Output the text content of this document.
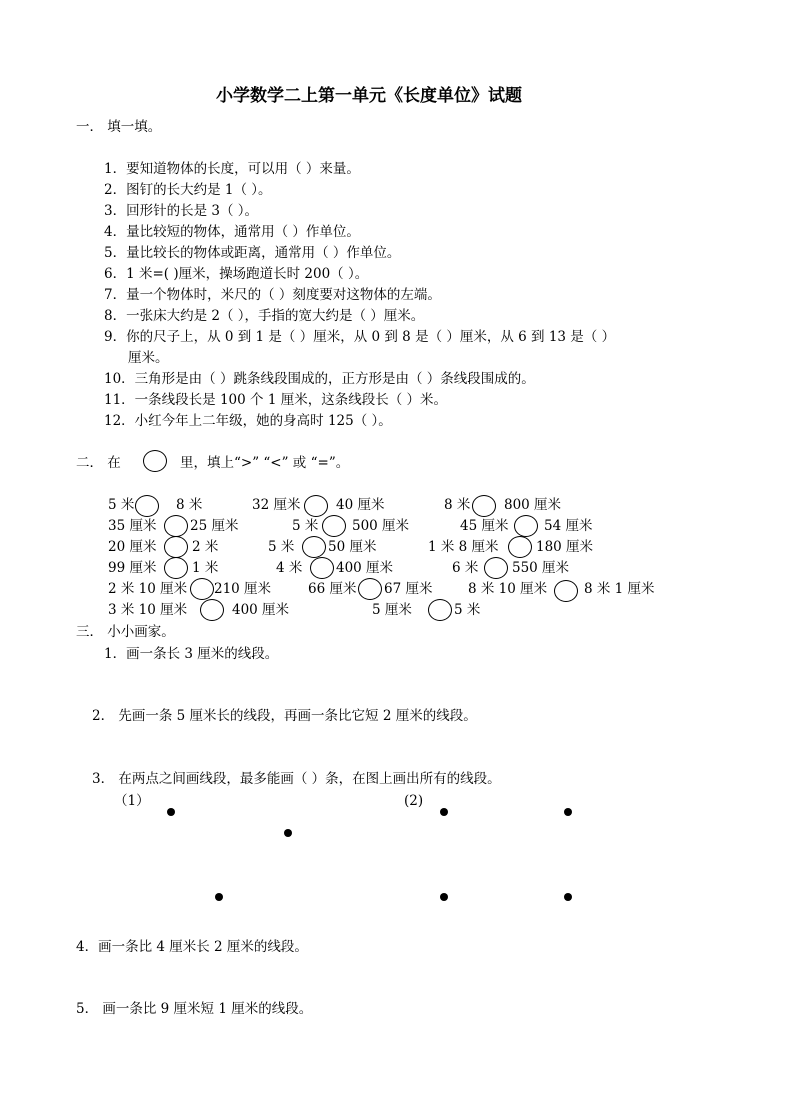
小学数学二上第一单元《长度单位》试题
一． 填一填。
1．要知道物体的长度，可以用（ ）来量。
2．图钉的长大约是 1（ ）。
3．回形针的长是 3（ ）。
4．量比较短的物体，通常用（ ）作单位。
5．量比较长的物体或距离，通常用（ ）作单位。
6．1 米=( )厘米，操场跑道长时 200（ ）。
7．量一个物体时，米尺的（ ）刻度要对这物体的左端。
8．一张床大约是 2（ ），手指的宽大约是（ ）厘米。
9．你的尺子上，从 0 到 1 是（ ）厘米，从 0 到 8 是（ ）厘米，从 6 到 13 是（ ）
厘米。
10．三角形是由（ ）跳条线段围成的，正方形是由（ ）条线段围成的。
11．一条线段长是 100 个 1 厘米，这条线段长（ ）米。
12．小红今年上二年级，她的身高时 125（ ）。
二． 在	里，填上“>” “<” 或 “=”。
5 米	8 米	32 厘米	40 厘米	8 米 800 厘米
35 厘米 25 厘米	5 米 500 厘米	45 厘米	54 厘米
20 厘米	2 米	5 米 50 厘米	1 米 8 厘米	180 厘米
99 厘米	1 米	4 米 400 厘米	6 米 550 厘米
2 米 10 厘米 210 厘米	66 厘米 67 厘米	8 米 10 厘米	8 米 1 厘米
3 米 10 厘米	400 厘米	5 厘米	5 米
三． 小小画家。
1．画一条长 3 厘米的线段。
2． 先画一条 5 厘米长的线段，再画一条比它短 2 厘米的线段。
3． 在两点之间画线段，最多能画（ ）条，在图上画出所有的线段。
（1）	(2)
4．画一条比 4 厘米长 2 厘米的线段。
5． 画一条比 9 厘米短 1 厘米的线段。
